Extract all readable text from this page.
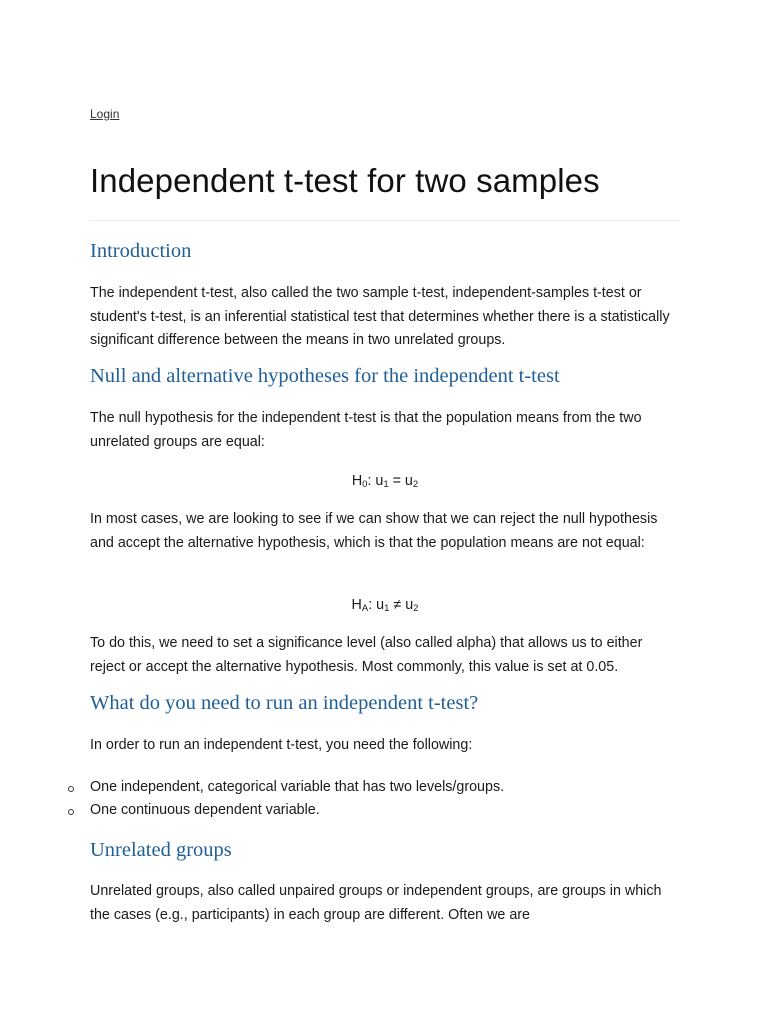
Login
Independent t-test for two samples
Introduction

The independent t-test, also called the two sample t-test, independent-samples t-test or student's t-test, is an inferential statistical test that determines whether there is a statistically significant difference between the means in two unrelated groups.

Null and alternative hypotheses for the independent t-test

The null hypothesis for the independent t-test is that the population means from the two unrelated groups are equal:

$H_0$: $u_1 = u_2$

In most cases, we are looking to see if we can show that we can reject the null hypothesis and accept the alternative hypothesis, which is that the population means are not equal:

$H_A$: $u_1 \ne u_2$

To do this, we need to set a significance level (also called alpha) that allows us to either reject or accept the alternative hypothesis. Most commonly, this value is set at 0.05.

What do you need to run an independent t-test?

In order to run an independent t-test, you need the following:

One independent, categorical variable that has two levels/groups.
One continuous dependent variable.
Unrelated groups

Unrelated groups, also called unpaired groups or independent groups, are groups in which the cases (e.g., participants) in each group are different. Often we are
